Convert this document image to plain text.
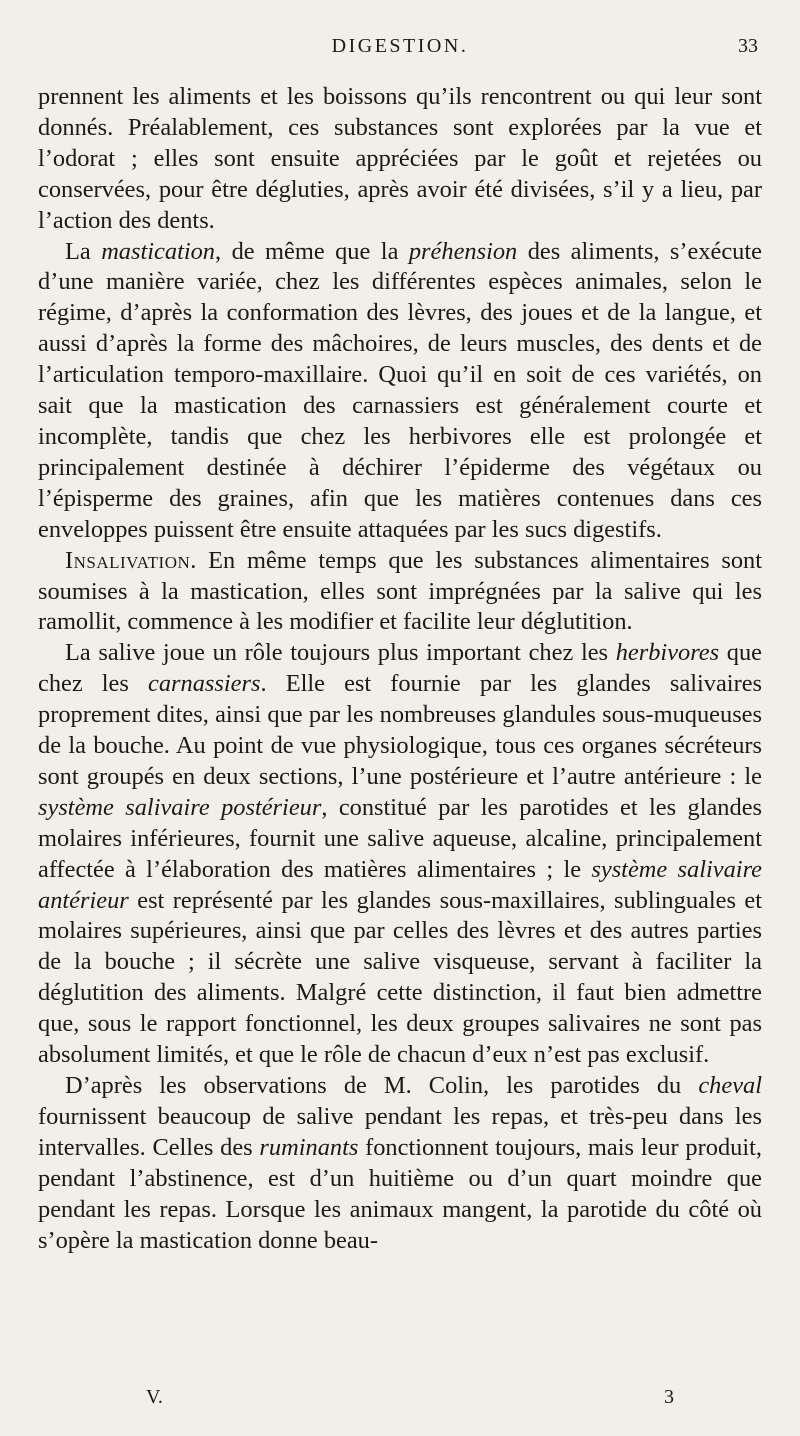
DIGESTION.	33

prennent les aliments et les boissons qu’ils rencontrent ou qui leur sont donnés. Préalablement, ces substances sont explorées par la vue et l’odorat ; elles sont ensuite appréciées par le goût et rejetées ou conservées, pour être dégluties, après avoir été divisées, s’il y a lieu, par l’action des dents.

La mastication, de même que la préhension des aliments, s’exécute d’une manière variée, chez les différentes espèces animales, selon le régime, d’après la conformation des lèvres, des joues et de la langue, et aussi d’après la forme des mâchoires, de leurs muscles, des dents et de l’articulation temporo-maxillaire. Quoi qu’il en soit de ces variétés, on sait que la mastication des carnassiers est généralement courte et incomplète, tandis que chez les herbivores elle est prolongée et principalement destinée à déchirer l’épiderme des végétaux ou l’épisperme des graines, afin que les matières contenues dans ces enveloppes puissent être ensuite attaquées par les sucs digestifs.

Insalivation. En même temps que les substances alimentaires sont soumises à la mastication, elles sont imprégnées par la salive qui les ramollit, commence à les modifier et facilite leur déglutition.

La salive joue un rôle toujours plus important chez les herbivores que chez les carnassiers. Elle est fournie par les glandes salivaires proprement dites, ainsi que par les nombreuses glandules sous-muqueuses de la bouche. Au point de vue physiologique, tous ces organes sécréteurs sont groupés en deux sections, l’une postérieure et l’autre antérieure : le système salivaire postérieur, constitué par les parotides et les glandes molaires inférieures, fournit une salive aqueuse, alcaline, principalement affectée à l’élaboration des matières alimentaires ; le système salivaire antérieur est représenté par les glandes sous-maxillaires, sublinguales et molaires supérieures, ainsi que par celles des lèvres et des autres parties de la bouche ; il sécrète une salive visqueuse, servant à faciliter la déglutition des aliments. Malgré cette distinction, il faut bien admettre que, sous le rapport fonctionnel, les deux groupes salivaires ne sont pas absolument limités, et que le rôle de chacun d’eux n’est pas exclusif.

D’après les observations de M. Colin, les parotides du cheval fournissent beaucoup de salive pendant les repas, et très-peu dans les intervalles. Celles des ruminants fonctionnent toujours, mais leur produit, pendant l’abstinence, est d’un huitième ou d’un quart moindre que pendant les repas. Lorsque les animaux mangent, la parotide du côté où s’opère la mastication donne beau-

V.	3
